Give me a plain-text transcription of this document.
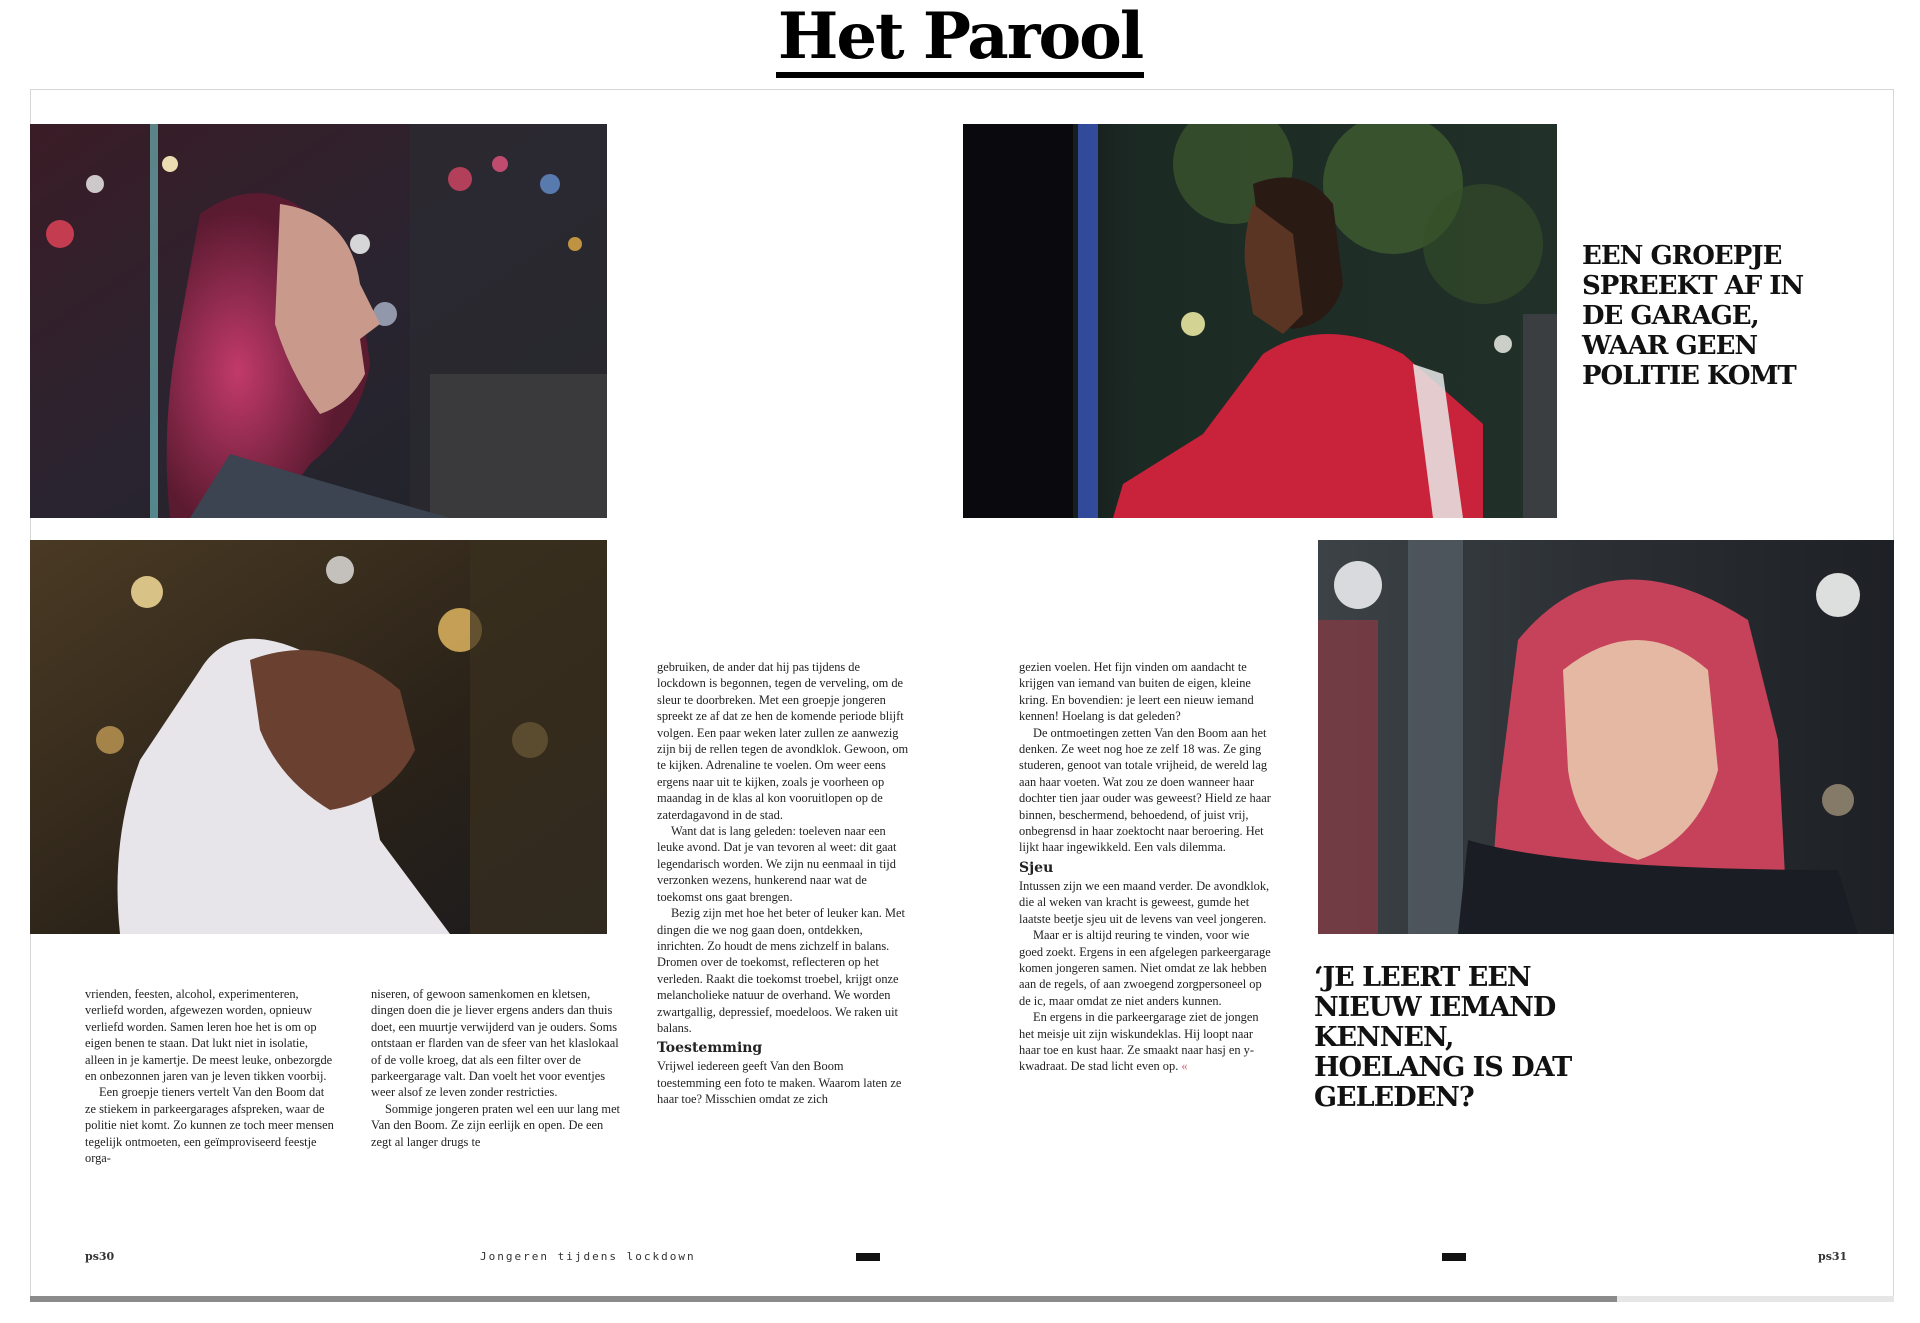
Het Parool
EEN GROEPJE SPREEKT AF IN DE GARAGE, WAAR GEEN POLITIE KOMT
‘JE LEERT EEN NIEUW IEMAND KENNEN, HOELANG IS DAT GELEDEN?

vrienden, feesten, alcohol, experimenteren, verliefd worden, afgewezen worden, opnieuw verliefd worden. Samen leren hoe het is om op eigen benen te staan. Dat lukt niet in isolatie, alleen in je kamertje. De meest leuke, onbezorgde en onbezonnen jaren van je leven tikken voorbij.

Een groepje tieners vertelt Van den Boom dat ze stiekem in parkeergarages afspreken, waar de politie niet komt. Zo kunnen ze toch meer mensen tegelijk ontmoeten, een geïmproviseerd feestje orga-

niseren, of gewoon samenkomen en kletsen, dingen doen die je liever ergens anders dan thuis doet, een muurtje verwijderd van je ouders. Soms ontstaan er flarden van de sfeer van het klaslokaal of de volle kroeg, dat als een filter over de parkeergarage valt. Dan voelt het voor eventjes weer alsof ze leven zonder restricties.

Sommige jongeren praten wel een uur lang met Van den Boom. Ze zijn eerlijk en open. De een zegt al langer drugs te

gebruiken, de ander dat hij pas tijdens de lockdown is begonnen, tegen de verveling, om de sleur te doorbreken. Met een groepje jongeren spreekt ze af dat ze hen de komende periode blijft volgen. Een paar weken later zullen ze aanwezig zijn bij de rellen tegen de avondklok. Gewoon, om te kijken. Adrenaline te voelen. Om weer eens ergens naar uit te kijken, zoals je voorheen op maandag in de klas al kon vooruitlopen op de zaterdagavond in de stad.

Want dat is lang geleden: toeleven naar een leuke avond. Dat je van tevoren al weet: dit gaat legendarisch worden. We zijn nu eenmaal in tijd verzonken wezens, hunkerend naar wat de toekomst ons gaat brengen.

Bezig zijn met hoe het beter of leuker kan. Met dingen die we nog gaan doen, ontdekken, inrichten. Zo houdt de mens zichzelf in balans. Dromen over de toekomst, reflecteren op het verleden. Raakt die toekomst troebel, krijgt onze melancholieke natuur de overhand. We worden zwartgallig, depressief, moedeloos. We raken uit balans.

Toestemming

Vrijwel iedereen geeft Van den Boom toestemming een foto te maken. Waarom laten ze haar toe? Misschien omdat ze zich

gezien voelen. Het fijn vinden om aandacht te krijgen van iemand van buiten de eigen, kleine kring. En bovendien: je leert een nieuw iemand kennen! Hoelang is dat geleden?

De ontmoetingen zetten Van den Boom aan het denken. Ze weet nog hoe ze zelf 18 was. Ze ging studeren, genoot van totale vrijheid, de wereld lag aan haar voeten. Wat zou ze doen wanneer haar dochter tien jaar ouder was geweest? Hield ze haar binnen, beschermend, behoedend, of juist vrij, onbegrensd in haar zoektocht naar beroering. Het lijkt haar ingewikkeld. Een vals dilemma.

Sjeu

Intussen zijn we een maand verder. De avondklok, die al weken van kracht is geweest, gumde het laatste beetje sjeu uit de levens van veel jongeren.

Maar er is altijd reuring te vinden, voor wie goed zoekt. Ergens in een afgelegen parkeergarage komen jongeren samen. Niet omdat ze lak hebben aan de regels, of aan zwoegend zorgpersoneel op de ic, maar omdat ze niet anders kunnen.

En ergens in die parkeergarage ziet de jongen het meisje uit zijn wiskundeklas. Hij loopt naar haar toe en kust haar. Ze smaakt naar hasj en y-kwadraat. De stad licht even op. «

ps30	Jongeren tijdens lockdown	ps31
